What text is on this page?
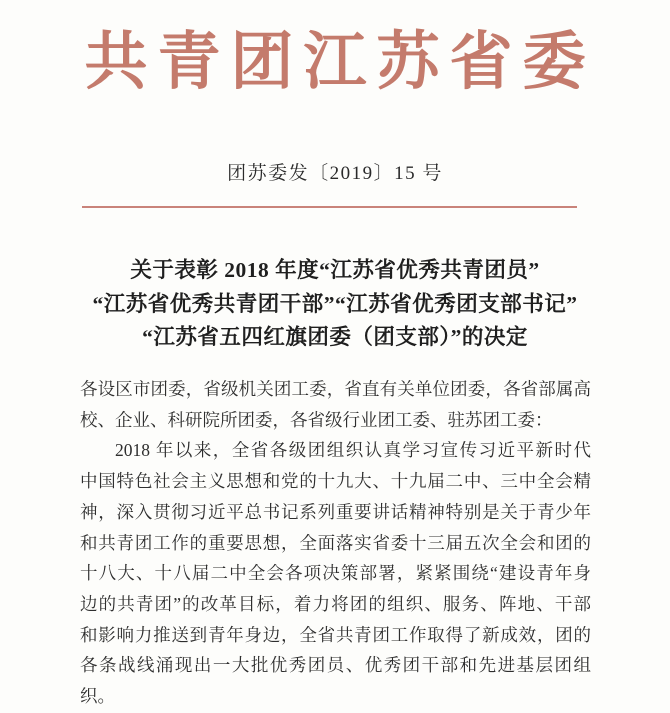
共青团江苏省委
团苏委发〔2019〕15 号
关于表彰 2018 年度“江苏省优秀共青团员”
“江苏省优秀共青团干部”“江苏省优秀团支部书记”
“江苏省五四红旗团委（团支部）”的决定
各设区市团委，省级机关团工委，省直有关单位团委，各省部属高
校、企业、科研院所团委，各省级行业团工委、驻苏团工委：
2018 年以来，全省各级团组织认真学习宣传习近平新时代
中国特色社会主义思想和党的十九大、十九届二中、三中全会精
神，深入贯彻习近平总书记系列重要讲话精神特别是关于青少年
和共青团工作的重要思想，全面落实省委十三届五次全会和团的
十八大、十八届二中全会各项决策部署，紧紧围绕“建设青年身
边的共青团”的改革目标，着力将团的组织、服务、阵地、干部
和影响力推送到青年身边，全省共青团工作取得了新成效，团的
各条战线涌现出一大批优秀团员、优秀团干部和先进基层团组
织。
